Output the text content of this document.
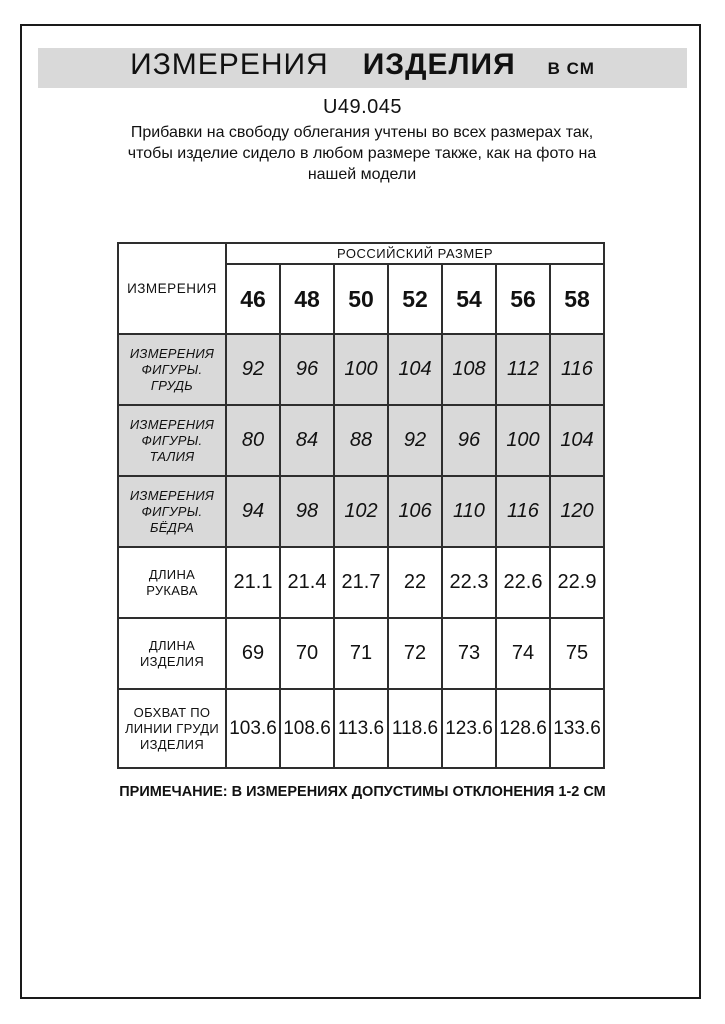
ИЗМЕРЕНИЯ ИЗДЕЛИЯ В СМ
U49.045
Прибавки на свободу облегания учтены во всех размерах так,
чтобы изделие сидело в любом размере также, как на фото на
нашей модели
ИЗМЕРЕНИЯ	РОССИЙСКИЙ РАЗМЕР						
	46	48	50	52	54	56	58
ИЗМЕРЕНИЯ ФИГУРЫ. ГРУДЬ	92	96	100	104	108	112	116
ИЗМЕРЕНИЯ ФИГУРЫ. ТАЛИЯ	80	84	88	92	96	100	104
ИЗМЕРЕНИЯ ФИГУРЫ. БЁДРА	94	98	102	106	110	116	120
ДЛИНА РУКАВА	21.1	21.4	21.7	22	22.3	22.6	22.9
ДЛИНА ИЗДЕЛИЯ	69	70	71	72	73	74	75
ОБХВАТ ПО ЛИНИИ ГРУДИ ИЗДЕЛИЯ	103.6	108.6	113.6	118.6	123.6	128.6	133.6
ПРИМЕЧАНИЕ: В ИЗМЕРЕНИЯХ ДОПУСТИМЫ ОТКЛОНЕНИЯ 1-2 СМ
